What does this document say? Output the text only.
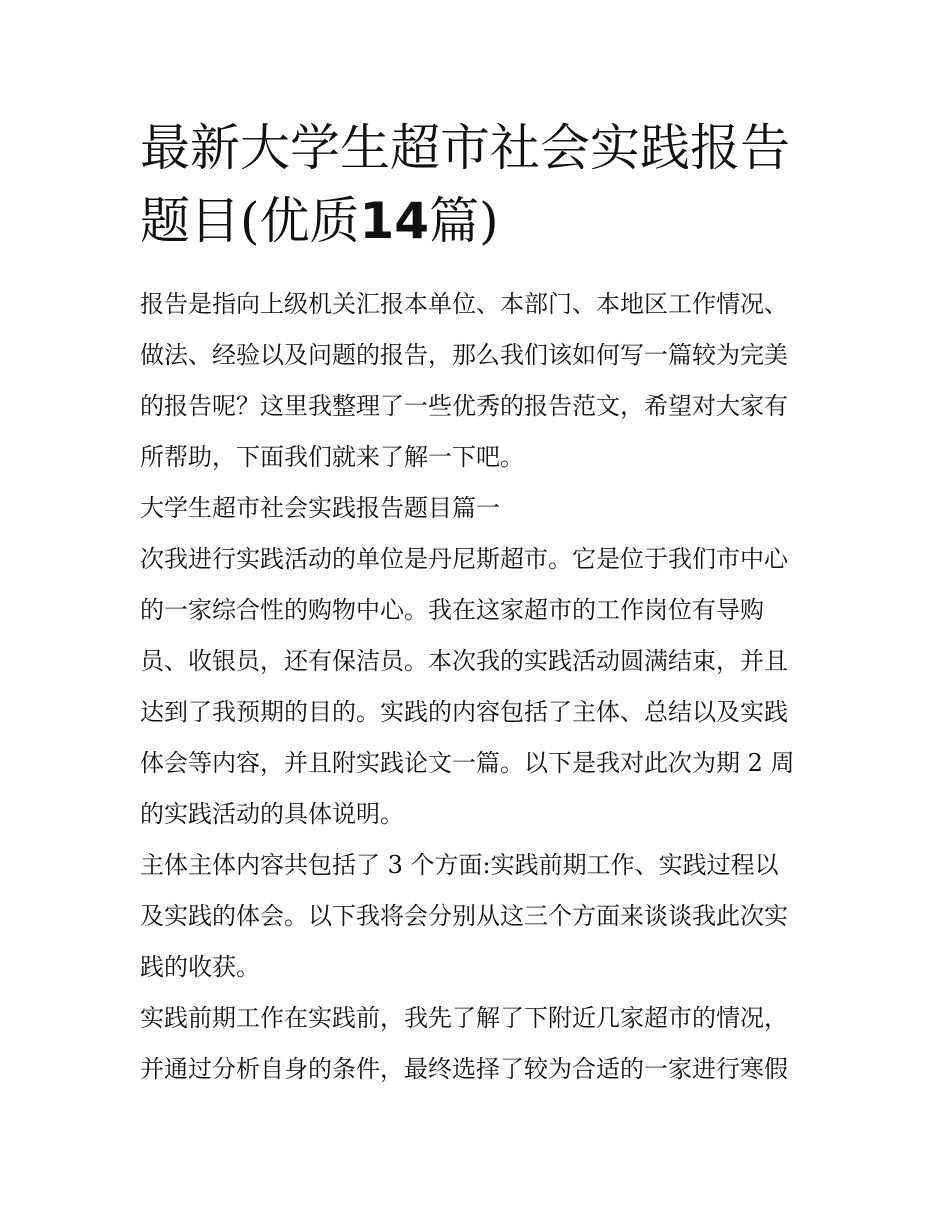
最新大学生超市社会实践报告
题目(优质14篇)
报告是指向上级机关汇报本单位、本部门、本地区工作情况、
做法、经验以及问题的报告，那么我们该如何写一篇较为完美
的报告呢？这里我整理了一些优秀的报告范文，希望对大家有
所帮助，下面我们就来了解一下吧。
大学生超市社会实践报告题目篇一
次我进行实践活动的单位是丹尼斯超市。它是位于我们市中心
的一家综合性的购物中心。我在这家超市的工作岗位有导购
员、收银员，还有保洁员。本次我的实践活动圆满结束，并且
达到了我预期的目的。实践的内容包括了主体、总结以及实践
体会等内容，并且附实践论文一篇。以下是我对此次为期 2 周
的实践活动的具体说明。
主体主体内容共包括了 3 个方面:实践前期工作、实践过程以
及实践的体会。以下我将会分别从这三个方面来谈谈我此次实
践的收获。
实践前期工作在实践前，我先了解了下附近几家超市的情况，
并通过分析自身的条件，最终选择了较为合适的一家进行寒假
